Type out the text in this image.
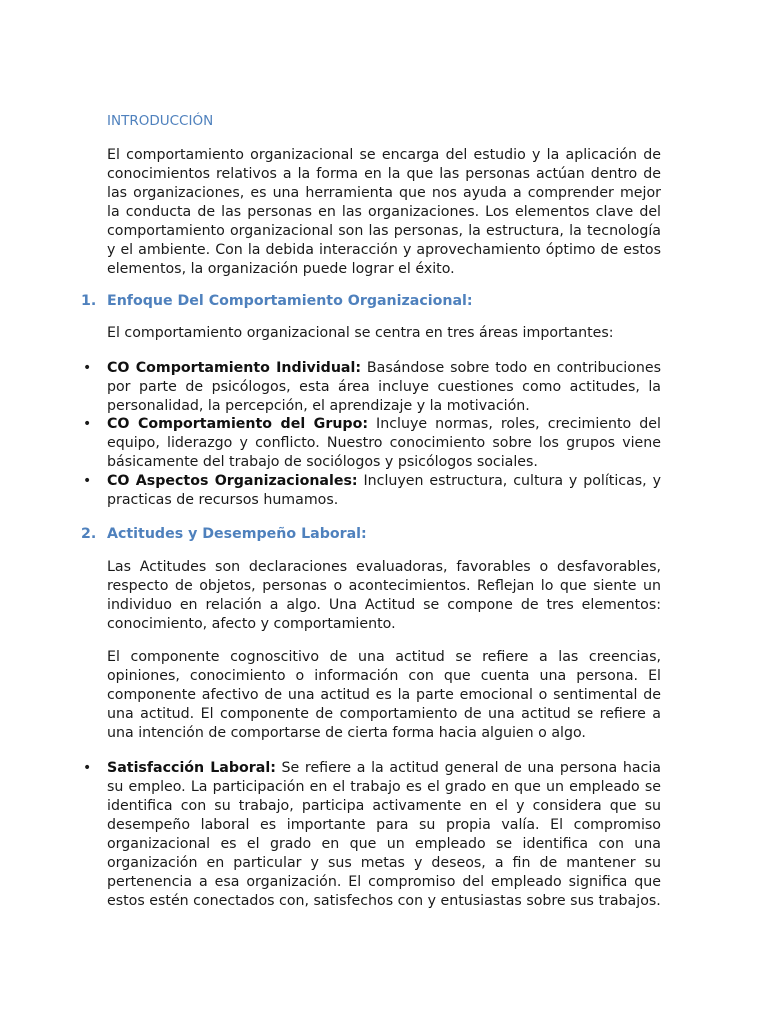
INTRODUCCIÓN
El comportamiento organizacional se encarga del estudio y la aplicación de conocimientos relativos a la forma en la que las personas actúan dentro de las organizaciones, es una herramienta que nos ayuda a comprender mejor la conducta de las personas en las organizaciones. Los elementos clave del comportamiento organizacional son las personas, la estructura, la tecnología y el ambiente. Con la debida interacción y aprovechamiento óptimo de estos elementos, la organización puede lograr el éxito.
1. Enfoque Del Comportamiento Organizacional:
El comportamiento organizacional se centra en tres áreas importantes:
• CO Comportamiento Individual: Basándose sobre todo en contribuciones por parte de psicólogos, esta área incluye cuestiones como actitudes, la personalidad, la percepción, el aprendizaje y la motivación.
• CO Comportamiento del Grupo: Incluye normas, roles, crecimiento del equipo, liderazgo y conflicto. Nuestro conocimiento sobre los grupos viene básicamente del trabajo de sociólogos y psicólogos sociales.
• CO Aspectos Organizacionales: Incluyen estructura, cultura y políticas, y practicas de recursos humamos.
2. Actitudes y Desempeño Laboral:
Las Actitudes son declaraciones evaluadoras, favorables o desfavorables, respecto de objetos, personas o acontecimientos. Reflejan lo que siente un individuo en relación a algo. Una Actitud se compone de tres elementos: conocimiento, afecto y comportamiento.
El componente cognoscitivo de una actitud se refiere a las creencias, opiniones, conocimiento o información con que cuenta una persona. El componente afectivo de una actitud es la parte emocional o sentimental de una actitud. El componente de comportamiento de una actitud se refiere a una intención de comportarse de cierta forma hacia alguien o algo.
• Satisfacción Laboral: Se refiere a la actitud general de una persona hacia su empleo. La participación en el trabajo es el grado en que un empleado se identifica con su trabajo, participa activamente en el y considera que su desempeño laboral es importante para su propia valía. El compromiso organizacional es el grado en que un empleado se identifica con una organización en particular y sus metas y deseos, a fin de mantener su pertenencia a esa organización. El compromiso del empleado significa que estos estén conectados con, satisfechos con y entusiastas sobre sus trabajos.
